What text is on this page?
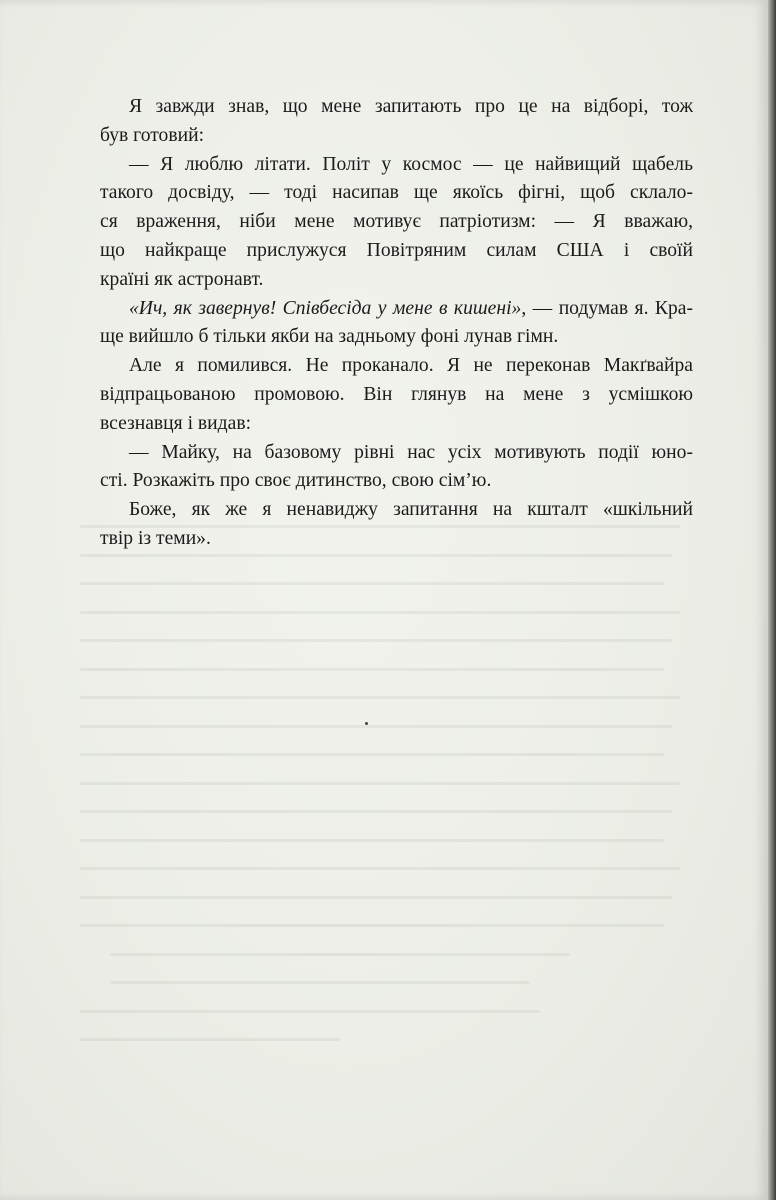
Я завжди знав, що мене запитають про це на відборі, тож
був готовий:

— Я люблю літати. Політ у космос — це найвищий щабель
такого досвіду, — тоді насипав ще якоїсь фігні, щоб склало-
ся враження, ніби мене мотивує патріотизм: — Я вважаю,
що найкраще прислужуся Повітряним силам США і своїй
країні як астронавт.

«Ич, як завернув! Співбесіда у мене в кишені», — подумав я. Кра-
ще вийшло б тільки якби на задньому фоні лунав гімн.

Але я помилився. Не проканало. Я не переконав Макґвайра
відпрацьованою промовою. Він глянув на мене з усмішкою
всезнавця і видав:

— Майку, на базовому рівні нас усіх мотивують події юно-
сті. Розкажіть про своє дитинство, свою сім’ю.

Боже, як же я ненавиджу запитання на кшталт «шкільний
твір із теми».
